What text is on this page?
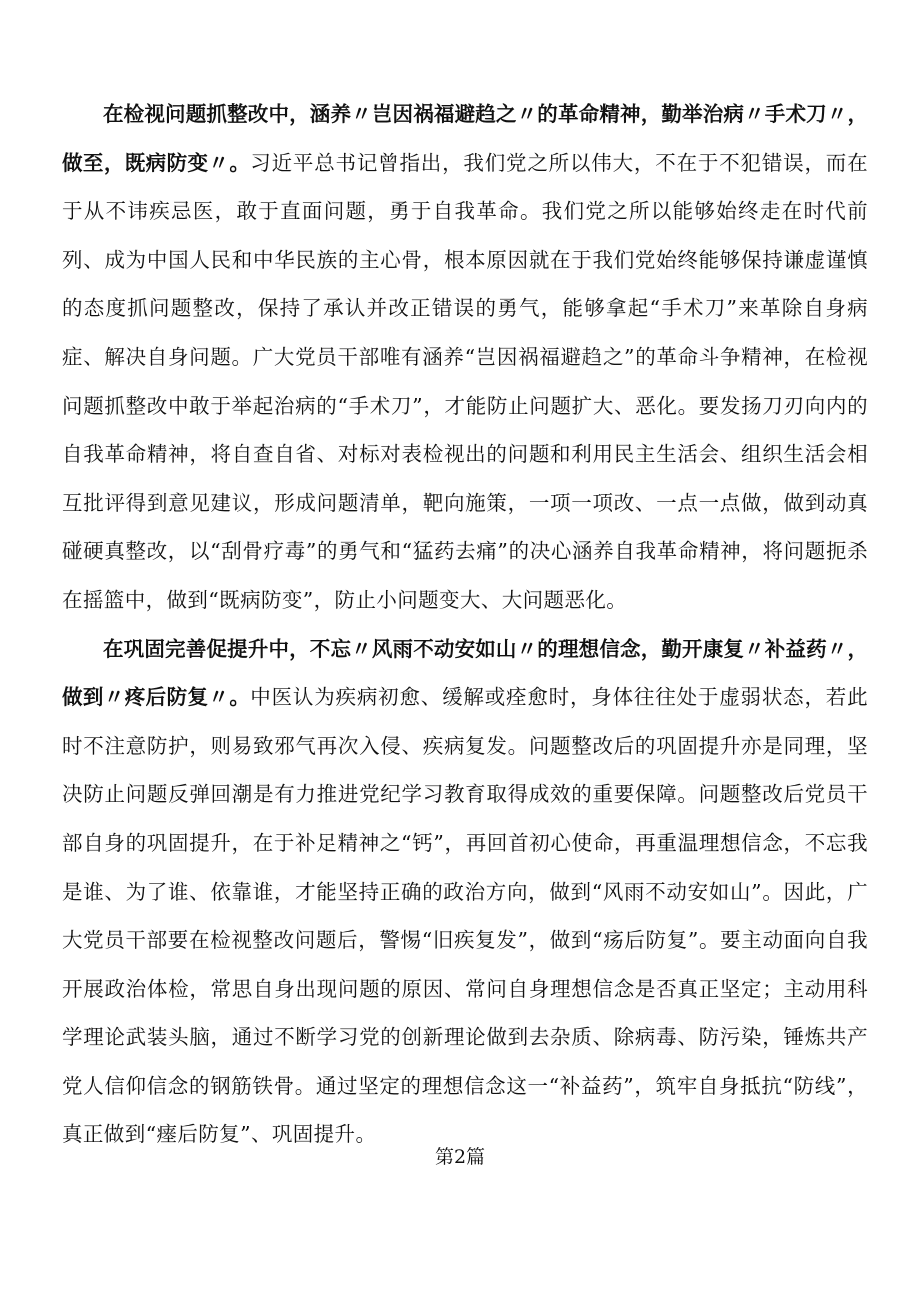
在检视问题抓整改中，涵养〃岂因祸福避趋之〃的革命精神，勤举治病〃手术刀〃，做至，既病防变〃。习近平总书记曾指出，我们党之所以伟大，不在于不犯错误，而在于从不讳疾忌医，敢于直面问题，勇于自我革命。我们党之所以能够始终走在时代前列、成为中国人民和中华民族的主心骨，根本原因就在于我们党始终能够保持谦虚谨慎的态度抓问题整改，保持了承认并改正错误的勇气，能够拿起“手术刀”来革除自身病症、解决自身问题。广大党员干部唯有涵养“岂因祸福避趋之”的革命斗争精神，在检视问题抓整改中敢于举起治病的“手术刀”，才能防止问题扩大、恶化。要发扬刀刃向内的自我革命精神，将自查自省、对标对表检视出的问题和利用民主生活会、组织生活会相互批评得到意见建议，形成问题清单，靶向施策，一项一项改、一点一点做，做到动真碰硬真整改，以“刮骨疗毒”的勇气和“猛药去痛”的决心涵养自我革命精神，将问题扼杀在摇篮中，做到“既病防变”，防止小问题变大、大问题恶化。

在巩固完善促提升中，不忘〃风雨不动安如山〃的理想信念，勤开康复〃补益药〃，做到〃疼后防复〃。中医认为疾病初愈、缓解或痊愈时，身体往往处于虚弱状态，若此时不注意防护，则易致邪气再次入侵、疾病复发。问题整改后的巩固提升亦是同理，坚决防止问题反弹回潮是有力推进党纪学习教育取得成效的重要保障。问题整改后党员干部自身的巩固提升，在于补足精神之“钙”，再回首初心使命，再重温理想信念，不忘我是谁、为了谁、依靠谁，才能坚持正确的政治方向，做到“风雨不动安如山”。因此，广大党员干部要在检视整改问题后，警惕“旧疾复发”，做到“疡后防复”。要主动面向自我开展政治体检，常思自身出现问题的原因、常问自身理想信念是否真正坚定；主动用科学理论武装头脑，通过不断学习党的创新理论做到去杂质、除病毒、防污染，锤炼共产党人信仰信念的钢筋铁骨。通过坚定的理想信念这一“补益药”，筑牢自身抵抗“防线”，真正做到“瘗后防复”、巩固提升。

第2篇
